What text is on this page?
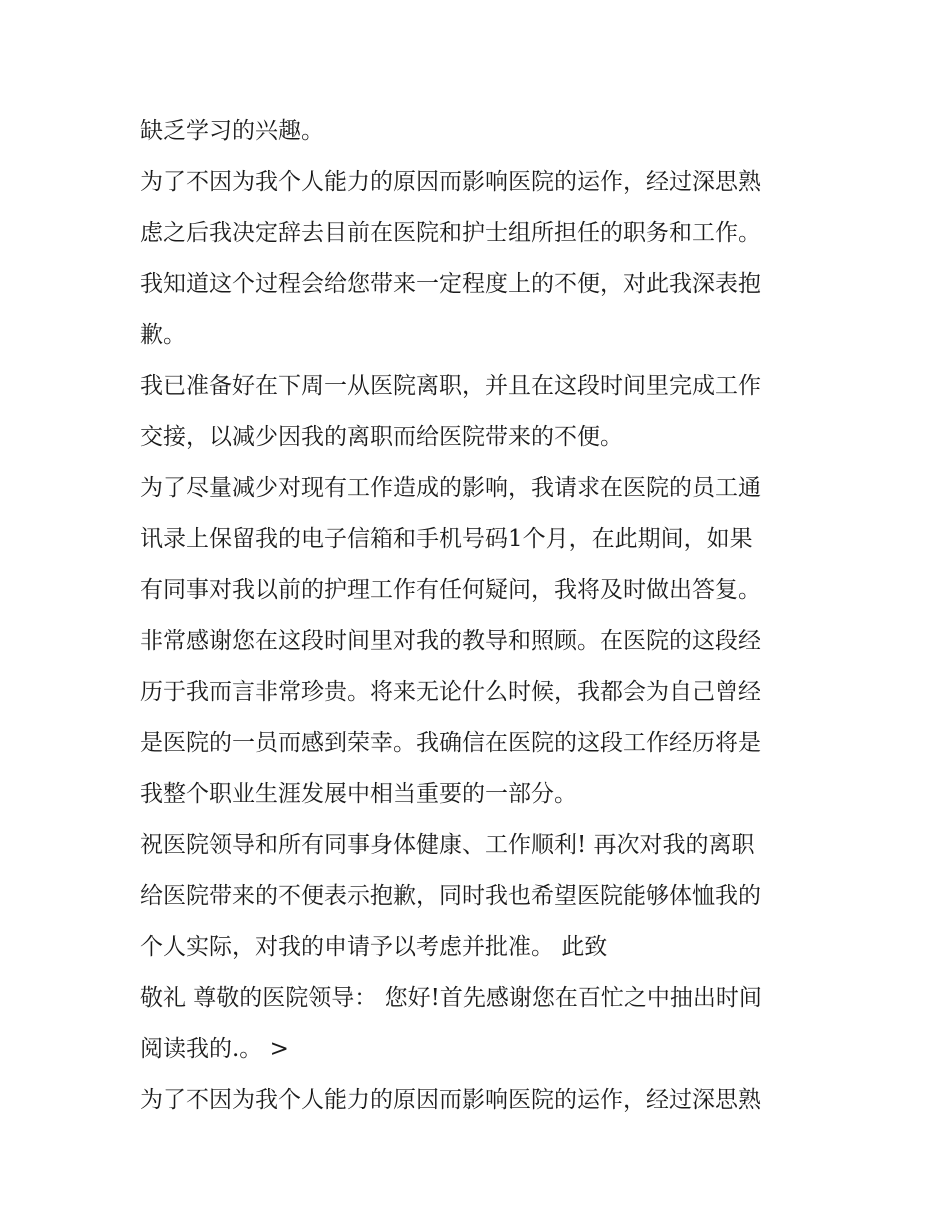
缺乏学习的兴趣。
为了不因为我个人能力的原因而影响医院的运作，经过深思熟
虑之后我决定辞去目前在医院和护士组所担任的职务和工作。
我知道这个过程会给您带来一定程度上的不便，对此我深表抱
歉。
我已准备好在下周一从医院离职，并且在这段时间里完成工作
交接，以减少因我的离职而给医院带来的不便。
为了尽量减少对现有工作造成的影响，我请求在医院的员工通
讯录上保留我的电子信箱和手机号码1个月，在此期间，如果
有同事对我以前的护理工作有任何疑问，我将及时做出答复。
非常感谢您在这段时间里对我的教导和照顾。在医院的这段经
历于我而言非常珍贵。将来无论什么时候，我都会为自己曾经
是医院的一员而感到荣幸。我确信在医院的这段工作经历将是
我整个职业生涯发展中相当重要的一部分。
祝医院领导和所有同事身体健康、工作顺利! 再次对我的离职
给医院带来的不便表示抱歉，同时我也希望医院能够体恤我的
个人实际，对我的申请予以考虑并批准。 此致
敬礼 尊敬的医院领导： 您好!首先感谢您在百忙之中抽出时间
阅读我的.。 >
为了不因为我个人能力的原因而影响医院的运作，经过深思熟
